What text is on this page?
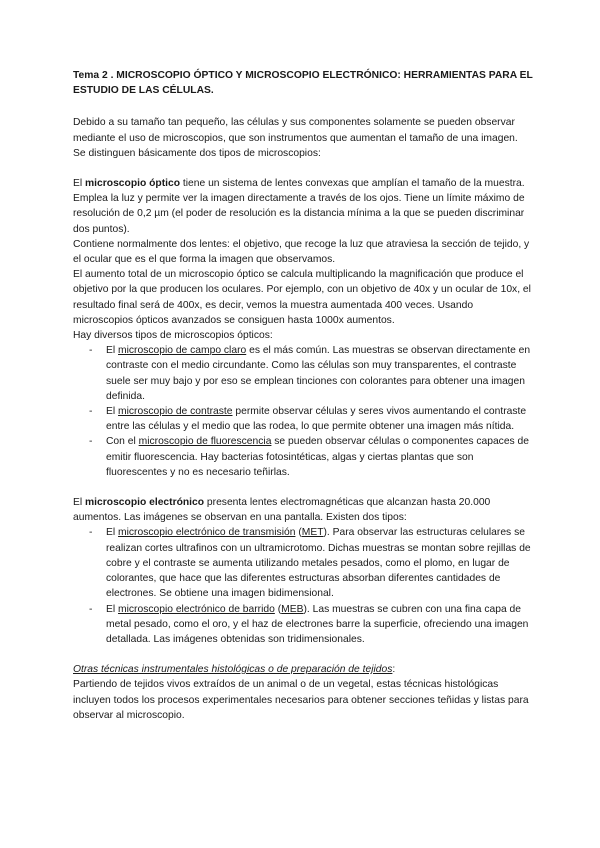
Tema 2 . MICROSCOPIO ÓPTICO Y MICROSCOPIO ELECTRÓNICO: HERRAMIENTAS PARA EL ESTUDIO DE LAS CÉLULAS.

Debido a su tamaño tan pequeño, las células y sus componentes solamente se pueden observar mediante el uso de microscopios, que son instrumentos que aumentan el tamaño de una imagen. Se distinguen básicamente dos tipos de microscopios:

El microscopio óptico tiene un sistema de lentes convexas que amplían el tamaño de la muestra. Emplea la luz y permite ver la imagen directamente a través de los ojos. Tiene un límite máximo de resolución de 0,2 µm (el poder de resolución es la distancia mínima a la que se pueden discriminar dos puntos).

Contiene normalmente dos lentes: el objetivo, que recoge la luz que atraviesa la sección de tejido, y el ocular que es el que forma la imagen que observamos.

El aumento total de un microscopio óptico se calcula multiplicando la magnificación que produce el objetivo por la que producen los oculares. Por ejemplo, con un objetivo de 40x y un ocular de 10x, el resultado final será de 400x, es decir, vemos la muestra aumentada 400 veces. Usando microscopios ópticos avanzados se consiguen hasta 1000x aumentos.

Hay diversos tipos de microscopios ópticos:

- El microscopio de campo claro es el más común. Las muestras se observan directamente en contraste con el medio circundante. Como las células son muy transparentes, el contraste suele ser muy bajo y por eso se emplean tinciones con colorantes para obtener una imagen definida.
- El microscopio de contraste permite observar células y seres vivos aumentando el contraste entre las células y el medio que las rodea, lo que permite obtener una imagen más nítida.
- Con el microscopio de fluorescencia se pueden observar células o componentes capaces de emitir fluorescencia. Hay bacterias fotosintéticas, algas y ciertas plantas que son fluorescentes y no es necesario teñirlas.

El microscopio electrónico presenta lentes electromagnéticas que alcanzan hasta 20.000 aumentos. Las imágenes se observan en una pantalla. Existen dos tipos:

- El microscopio electrónico de transmisión (MET). Para observar las estructuras celulares se realizan cortes ultrafinos con un ultramicrotomo. Dichas muestras se montan sobre rejillas de cobre y el contraste se aumenta utilizando metales pesados, como el plomo, en lugar de colorantes, que hace que las diferentes estructuras absorban diferentes cantidades de electrones. Se obtiene una imagen bidimensional.
- El microscopio electrónico de barrido (MEB). Las muestras se cubren con una fina capa de metal pesado, como el oro, y el haz de electrones barre la superficie, ofreciendo una imagen detallada. Las imágenes obtenidas son tridimensionales.

Otras técnicas instrumentales histológicas o de preparación de tejidos:

Partiendo de tejidos vivos extraídos de un animal o de un vegetal, estas técnicas histológicas incluyen todos los procesos experimentales necesarios para obtener secciones teñidas y listas para observar al microscopio.
